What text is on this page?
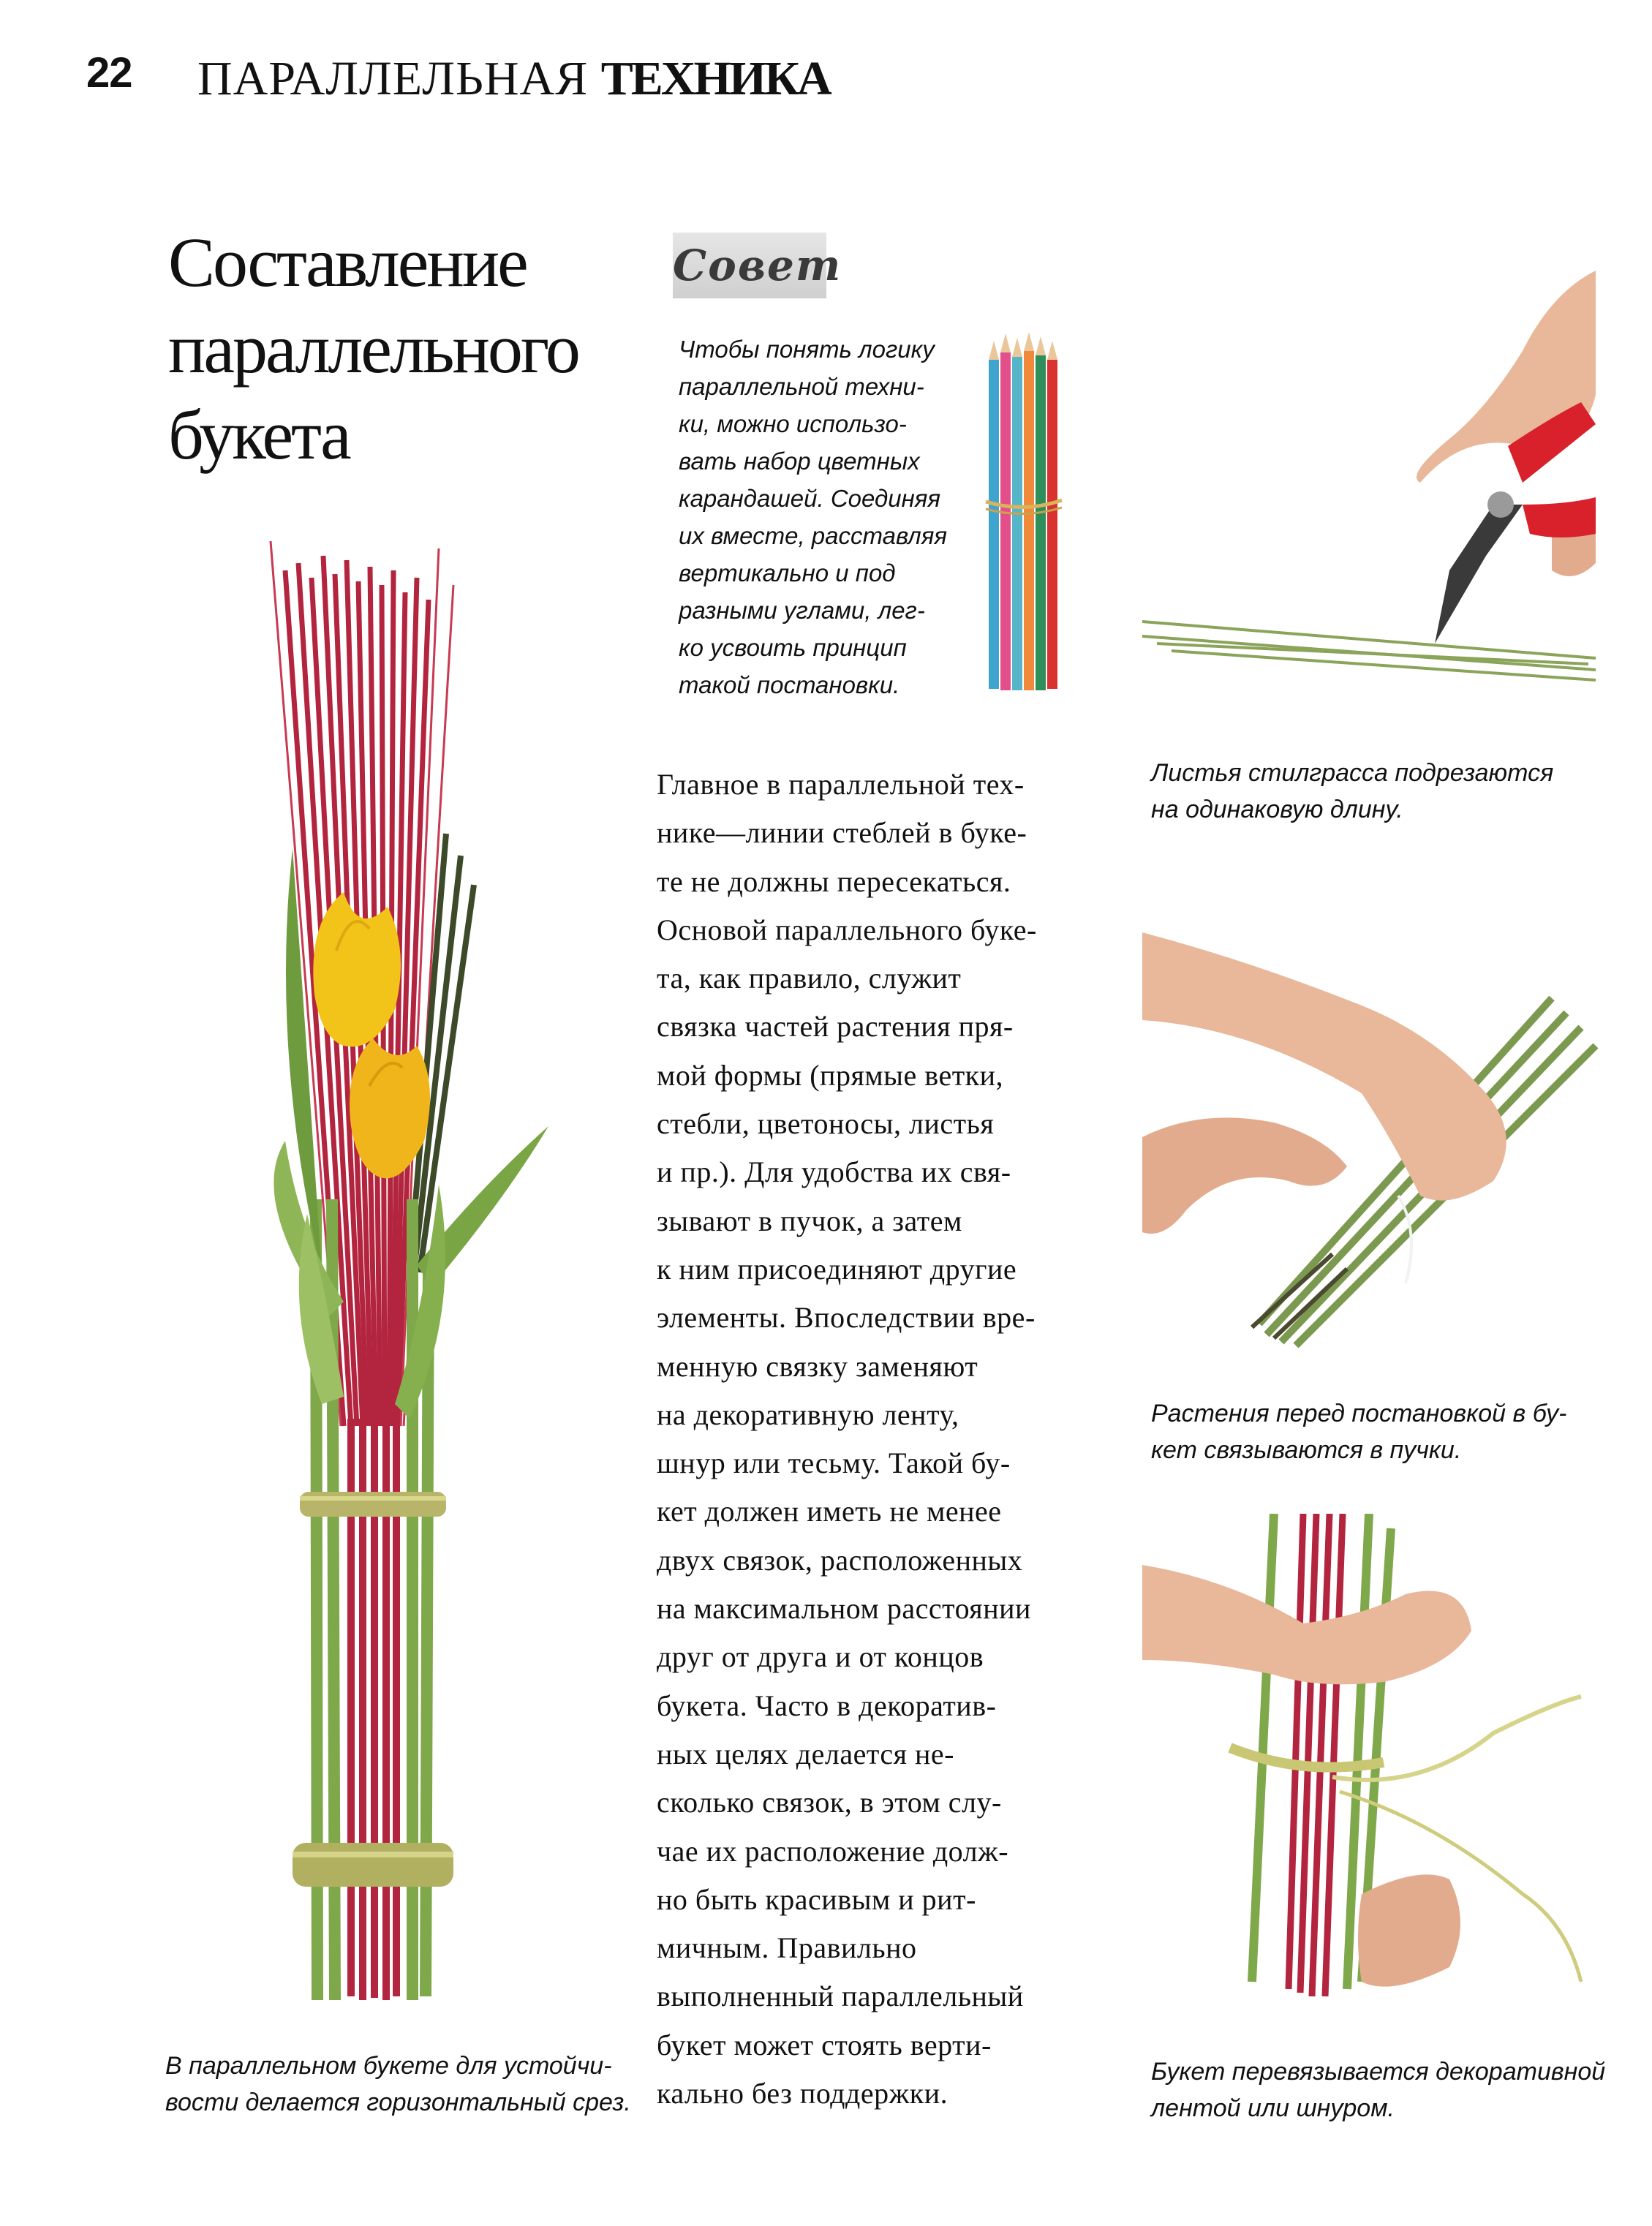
22 ПАРАЛЛЕЛЬНАЯ ТЕХНИКА
Составление
параллельного
букета
Совет
Чтобы понять логику
параллельной техни-
ки, можно использо-
вать набор цветных
карандашей. Соединяя
их вместе, расставляя
вертикально и под
разными углами, лег-
ко усвоить принцип
такой постановки.
Главное в параллельной тех-
нике—линии стеблей в буке-
те не должны пересекаться.
Основой параллельного буке-
та, как правило, служит
связка частей растения пря-
мой формы (прямые ветки,
стебли, цветоносы, листья
и пр.). Для удобства их свя-
зывают в пучок, а затем
к ним присоединяют другие
элементы. Впоследствии вре-
менную связку заменяют
на декоративную ленту,
шнур или тесьму. Такой бу-
кет должен иметь не менее
двух связок, расположенных
на максимальном расстоянии
друг от друга и от концов
букета. Часто в декоратив-
ных целях делается не-
сколько связок, в этом слу-
чае их расположение долж-
но быть красивым и рит-
мичным. Правильно
выполненный параллельный
букет может стоять верти-
кально без поддержки.
В параллельном букете для устойчи-
вости делается горизонтальный срез.
Листья стилграсса подрезаются
на одинаковую длину.
Растения перед постановкой в бу-
кет связываются в пучки.
Букет перевязывается декоративной
лентой или шнуром.
